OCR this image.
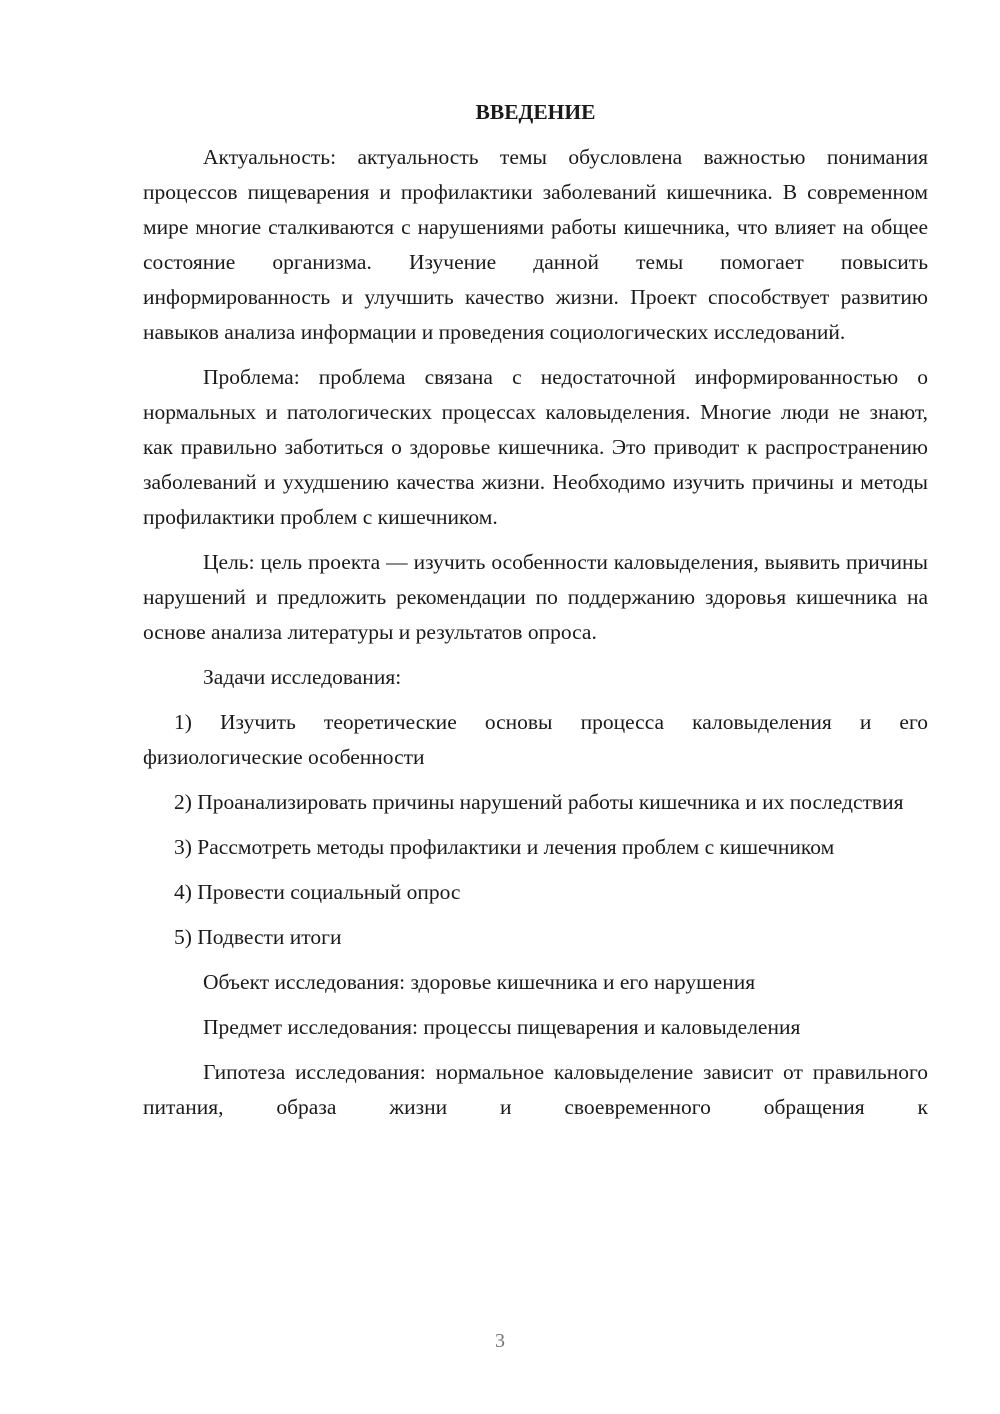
ВВЕДЕНИЕ

Актуальность: актуальность темы обусловлена важностью понимания процессов пищеварения и профилактики заболеваний кишечника. В современном мире многие сталкиваются с нарушениями работы кишечника, что влияет на общее состояние организма. Изучение данной темы помогает повысить информированность и улучшить качество жизни. Проект способствует развитию навыков анализа информации и проведения социологических исследований.

Проблема: проблема связана с недостаточной информированностью о нормальных и патологических процессах каловыделения. Многие люди не знают, как правильно заботиться о здоровье кишечника. Это приводит к распространению заболеваний и ухудшению качества жизни. Необходимо изучить причины и методы профилактики проблем с кишечником.

Цель: цель проекта — изучить особенности каловыделения, выявить причины нарушений и предложить рекомендации по поддержанию здоровья кишечника на основе анализа литературы и результатов опроса.

Задачи исследования:

1) Изучить теоретические основы процесса каловыделения и его физиологические особенности

2) Проанализировать причины нарушений работы кишечника и их последствия

3) Рассмотреть методы профилактики и лечения проблем с кишечником

4) Провести социальный опрос

5) Подвести итоги

Объект исследования: здоровье кишечника и его нарушения

Предмет исследования: процессы пищеварения и каловыделения

Гипотеза исследования: нормальное каловыделение зависит от правильного питания, образа жизни и своевременного обращения к

3
